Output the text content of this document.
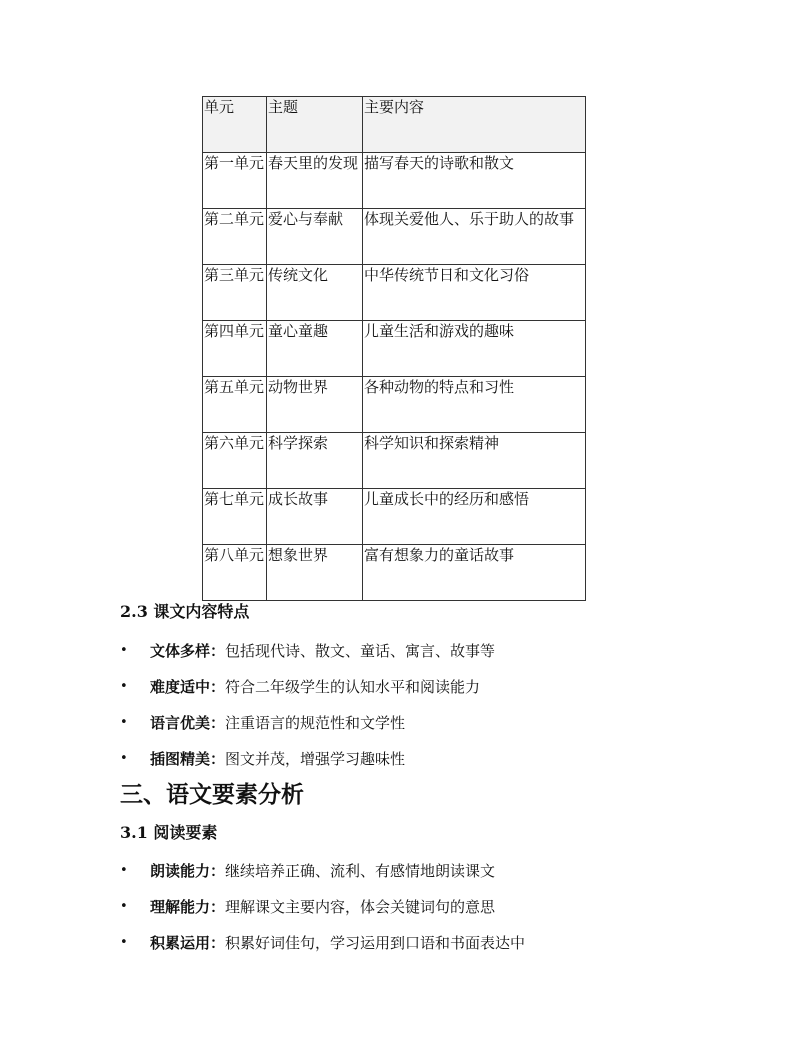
单元	主题	主要内容
第一单元	春天里的发现	描写春天的诗歌和散文
第二单元	爱心与奉献	体现关爱他人、乐于助人的故事
第三单元	传统文化	中华传统节日和文化习俗
第四单元	童心童趣	儿童生活和游戏的趣味
第五单元	动物世界	各种动物的特点和习性
第六单元	科学探索	科学知识和探索精神
第七单元	成长故事	儿童成长中的经历和感悟
第八单元	想象世界	富有想象力的童话故事
2.3 课文内容特点
• 文体多样：包括现代诗、散文、童话、寓言、故事等
• 难度适中：符合二年级学生的认知水平和阅读能力
• 语言优美：注重语言的规范性和文学性
• 插图精美：图文并茂，增强学习趣味性
三、语文要素分析
3.1 阅读要素
• 朗读能力：继续培养正确、流利、有感情地朗读课文
• 理解能力：理解课文主要内容，体会关键词句的意思
• 积累运用：积累好词佳句，学习运用到口语和书面表达中
